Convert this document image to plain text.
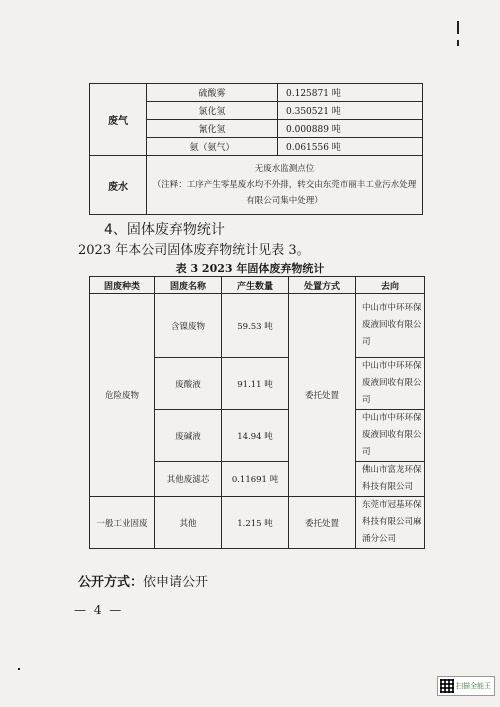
废气	硫酸雾	0.125871 吨
	氯化氢	0.350521 吨
	氰化氢	0.000889 吨
	氨（氨气）	0.061556 吨
废水	无废水监测点位
（注释：工序产生零星废水均不外排，转交由东莞市丽丰工业污水处理有限公司集中处理）	
4、固体废弃物统计
2023 年本公司固体废弃物统计见表 3。
表 3 2023 年固体废弃物统计
固废种类	固废名称	产生数量	处置方式	去向
危险废物	含镍废物	59.53 吨	委托处置	中山市中环环保废液回收有限公司
	废酸液	91.11 吨		中山市中环环保废液回收有限公司
	废碱液	14.94 吨		中山市中环环保废液回收有限公司
	其他废滤芯	0.11691 吨		佛山市富龙环保科技有限公司
一般工业固废	其他	1.215 吨	委托处置	东莞市冠基环保科技有限公司麻涌分公司
公开方式：依申请公开
— 4 —
扫描全能王
